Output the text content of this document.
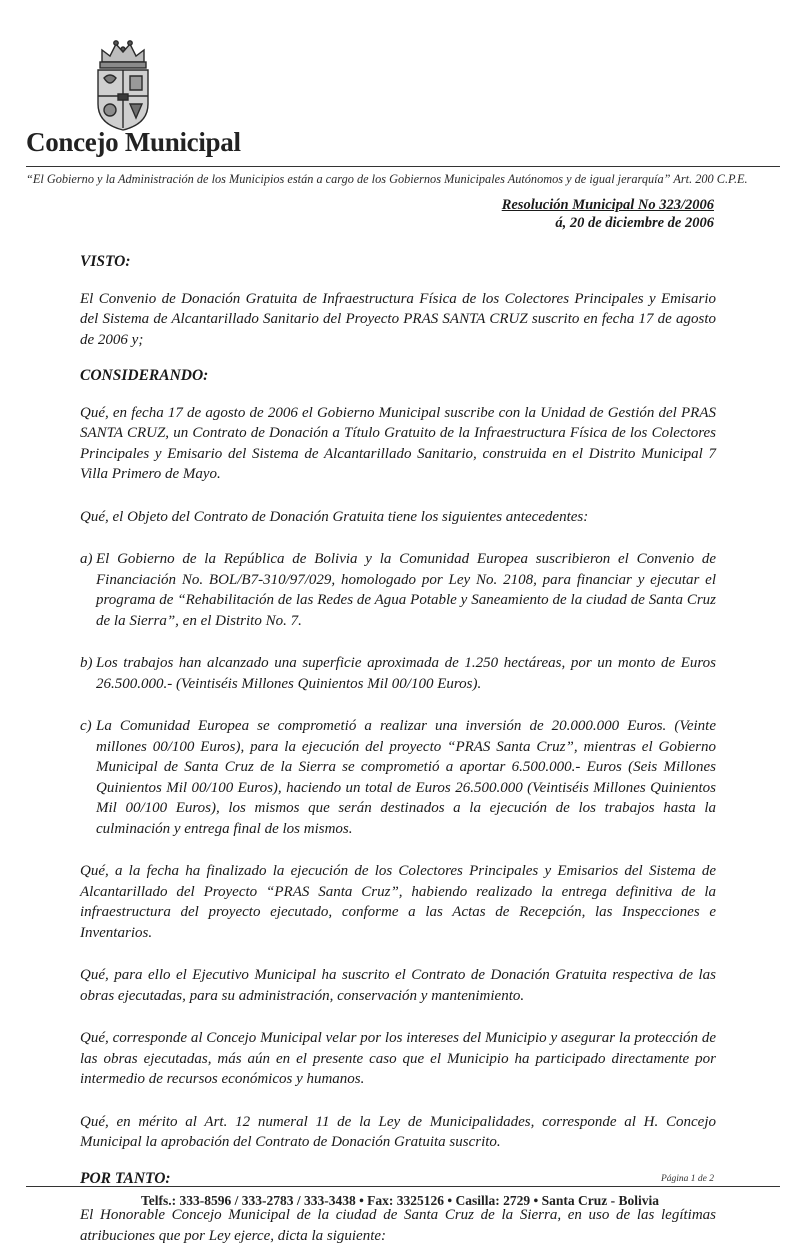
Concejo Municipal
“El Gobierno y la Administración de los Municipios están a cargo de los Gobiernos Municipales Autónomos y de igual jerarquía” Art. 200 C.P.E.
Resolución Municipal No 323/2006
á, 20 de diciembre de 2006

VISTO:

El Convenio de Donación Gratuita de Infraestructura Física de los Colectores Principales y Emisario del Sistema de Alcantarillado Sanitario del Proyecto PRAS SANTA CRUZ suscrito en fecha 17 de agosto de 2006 y;

CONSIDERANDO:

Qué, en fecha 17 de agosto de 2006 el Gobierno Municipal suscribe con la Unidad de Gestión del PRAS SANTA CRUZ, un Contrato de Donación a Título Gratuito de la Infraestructura Física de los Colectores Principales y Emisario del Sistema de Alcantarillado Sanitario, construida en el Distrito Municipal 7 Villa Primero de Mayo.

Qué, el Objeto del Contrato de Donación Gratuita tiene los siguientes antecedentes:

a) El Gobierno de la República de Bolivia y la Comunidad Europea suscribieron el Convenio de Financiación No. BOL/B7-310/97/029, homologado por Ley No. 2108, para financiar y ejecutar el programa de “Rehabilitación de las Redes de Agua Potable y Saneamiento de la ciudad de Santa Cruz de la Sierra”, en el Distrito No. 7.
b) Los trabajos han alcanzado una superficie aproximada de 1.250 hectáreas, por un monto de Euros 26.500.000.- (Veintiséis Millones Quinientos Mil 00/100 Euros).
c) La Comunidad Europea se comprometió a realizar una inversión de 20.000.000 Euros. (Veinte millones 00/100 Euros), para la ejecución del proyecto “PRAS Santa Cruz”, mientras el Gobierno Municipal de Santa Cruz de la Sierra se comprometió a aportar 6.500.000.- Euros (Seis Millones Quinientos Mil 00/100 Euros), haciendo un total de Euros 26.500.000 (Veintiséis Millones Quinientos Mil 00/100 Euros), los mismos que serán destinados a la ejecución de los trabajos hasta la culminación y entrega final de los mismos.

Qué, a la fecha ha finalizado la ejecución de los Colectores Principales y Emisarios del Sistema de Alcantarillado del Proyecto “PRAS Santa Cruz”, habiendo realizado la entrega definitiva de la infraestructura del proyecto ejecutado, conforme a las Actas de Recepción, las Inspecciones e Inventarios.

Qué, para ello el Ejecutivo Municipal ha suscrito el Contrato de Donación Gratuita respectiva de las obras ejecutadas, para su administración, conservación y mantenimiento.

Qué, corresponde al Concejo Municipal velar por los intereses del Municipio y asegurar la protección de las obras ejecutadas, más aún en el presente caso que el Municipio ha participado directamente por intermedio de recursos económicos y humanos.

Qué, en mérito al Art. 12 numeral 11 de la Ley de Municipalidades, corresponde al H. Concejo Municipal la aprobación del Contrato de Donación Gratuita suscrito.

POR TANTO:

El Honorable Concejo Municipal de la ciudad de Santa Cruz de la Sierra, en uso de las legítimas atribuciones que por Ley ejerce, dicta la siguiente:

Página 1 de 2
Telfs.: 333-8596 / 333-2783 / 333-3438 • Fax: 3325126 • Casilla: 2729 • Santa Cruz - Bolivia
